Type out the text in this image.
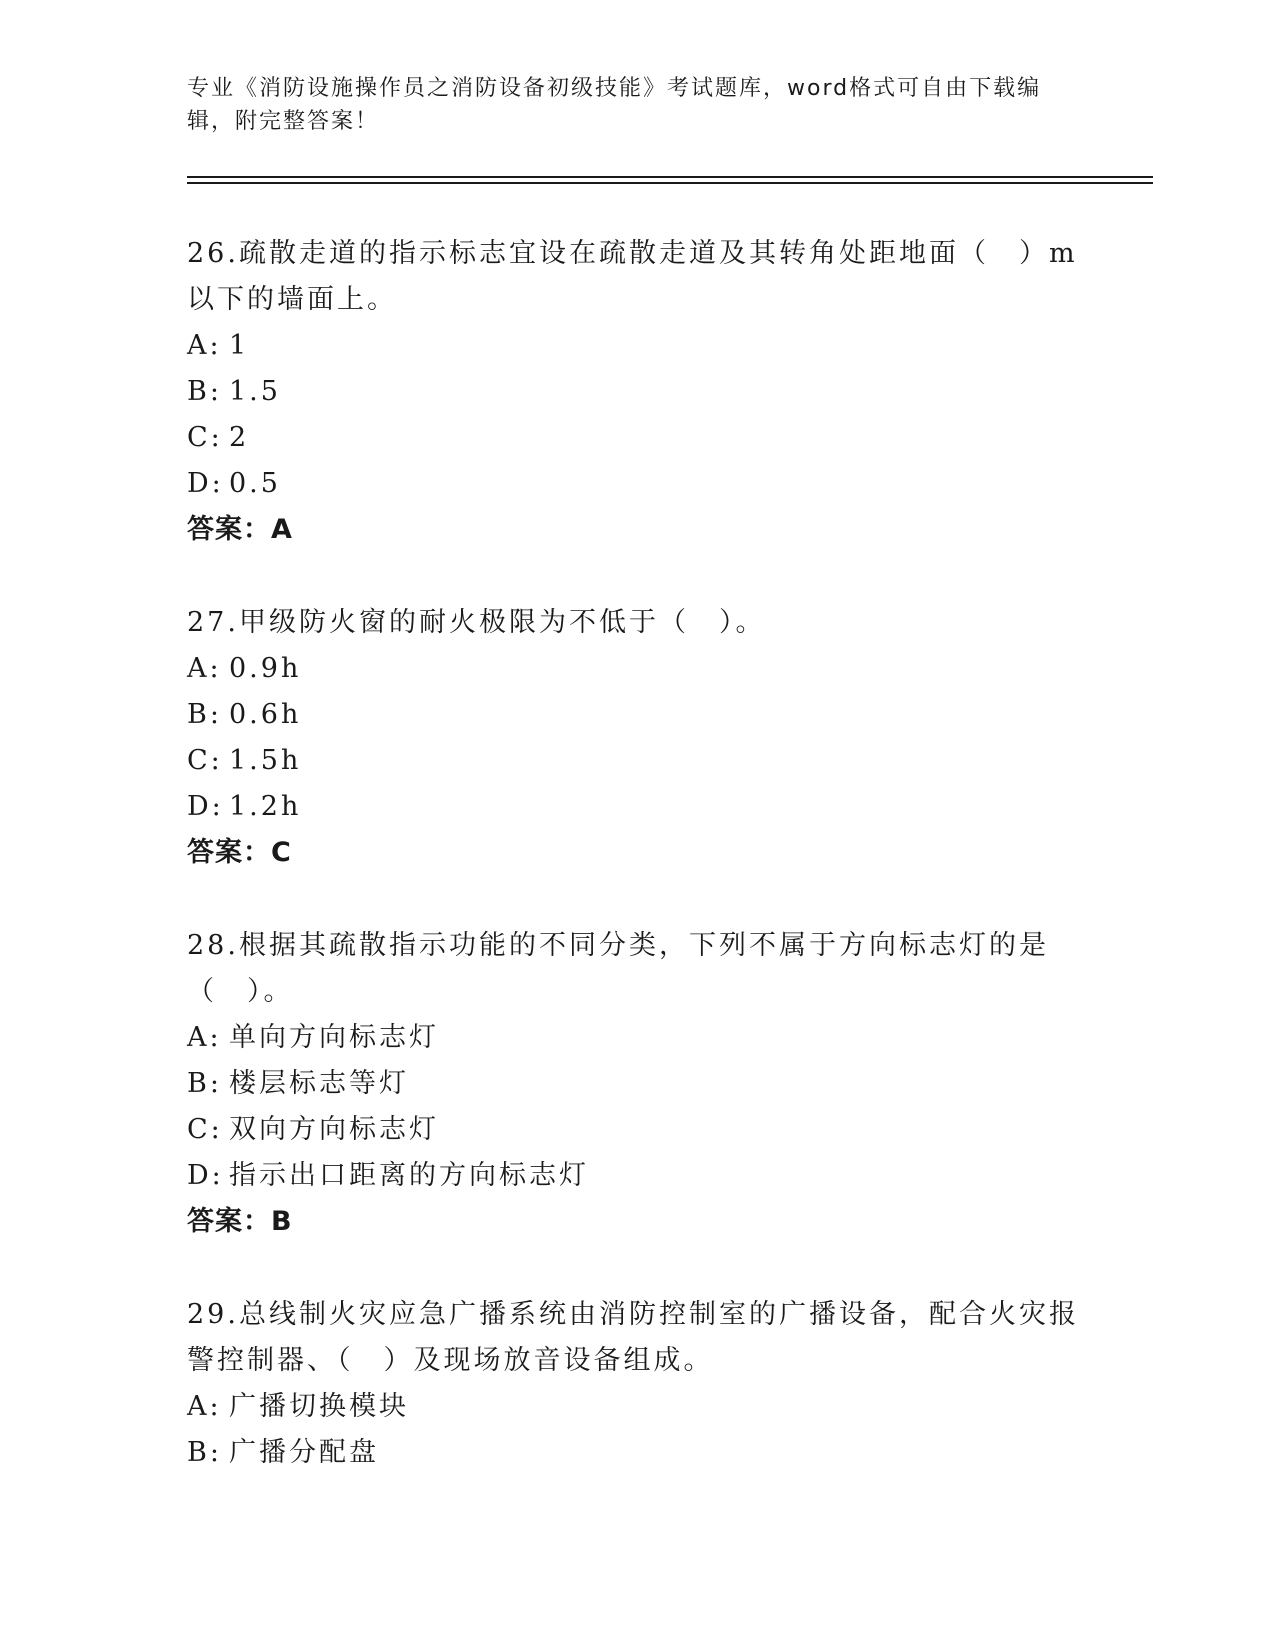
专业《消防设施操作员之消防设备初级技能》考试题库，word格式可自由下载编辑，附完整答案！

26.疏散走道的指示标志宜设在疏散走道及其转角处距地面（　）m以下的墙面上。

A: 1
B: 1.5
C: 2
D: 0.5
答案：A

27.甲级防火窗的耐火极限为不低于（　）。

A: 0.9h
B: 0.6h
C: 1.5h
D: 1.2h
答案：C

28.根据其疏散指示功能的不同分类，下列不属于方向标志灯的是（　）。

A: 单向方向标志灯
B: 楼层标志等灯
C: 双向方向标志灯
D: 指示出口距离的方向标志灯
答案：B

29.总线制火灾应急广播系统由消防控制室的广播设备，配合火灾报警控制器、（　）及现场放音设备组成。

A: 广播切换模块
B: 广播分配盘
